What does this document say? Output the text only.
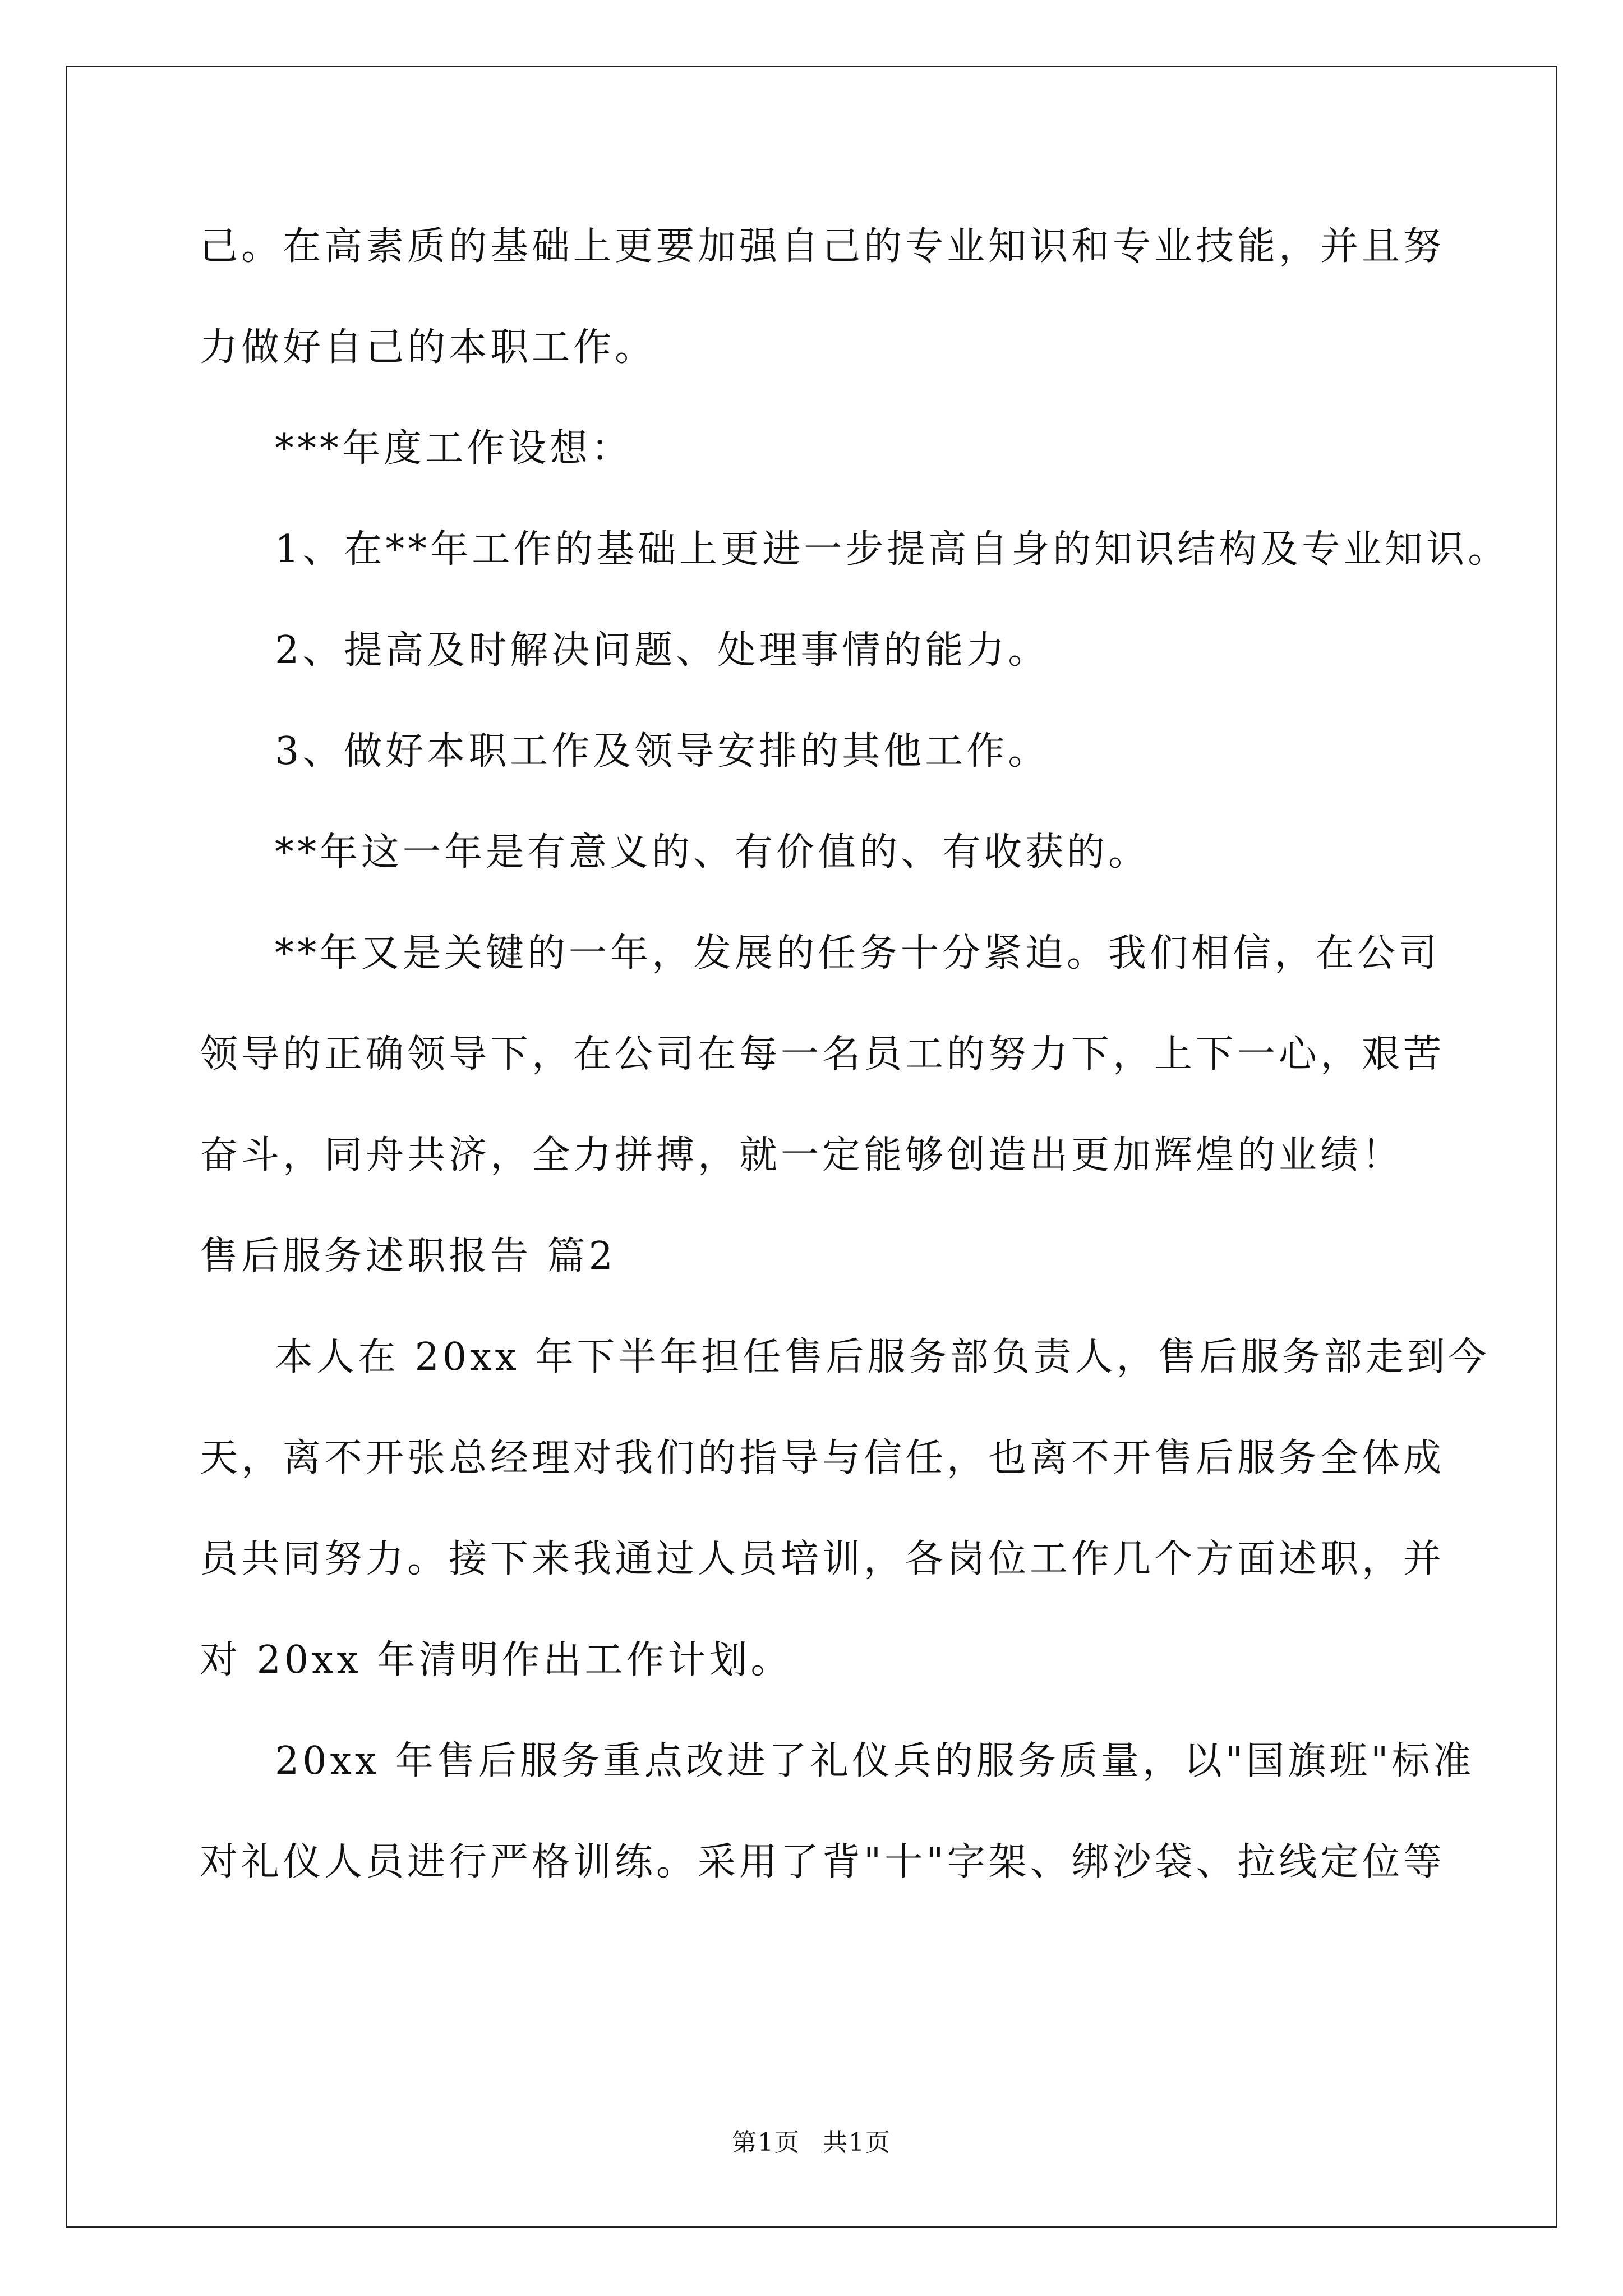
己。在高素质的基础上更要加强自己的专业知识和专业技能，并且努
力做好自己的本职工作。
***年度工作设想：
1、在**年工作的基础上更进一步提高自身的知识结构及专业知识。
2、提高及时解决问题、处理事情的能力。
3、做好本职工作及领导安排的其他工作。
**年这一年是有意义的、有价值的、有收获的。
**年又是关键的一年，发展的任务十分紧迫。我们相信，在公司
领导的正确领导下，在公司在每一名员工的努力下，上下一心，艰苦
奋斗，同舟共济，全力拼搏，就一定能够创造出更加辉煌的业绩！
售后服务述职报告 篇2
本人在 20xx 年下半年担任售后服务部负责人，售后服务部走到今
天，离不开张总经理对我们的指导与信任，也离不开售后服务全体成
员共同努力。接下来我通过人员培训，各岗位工作几个方面述职，并
对 20xx 年清明作出工作计划。
20xx 年售后服务重点改进了礼仪兵的服务质量，以"国旗班"标准
对礼仪人员进行严格训练。采用了背"十"字架、绑沙袋、拉线定位等
第1页 共1页
